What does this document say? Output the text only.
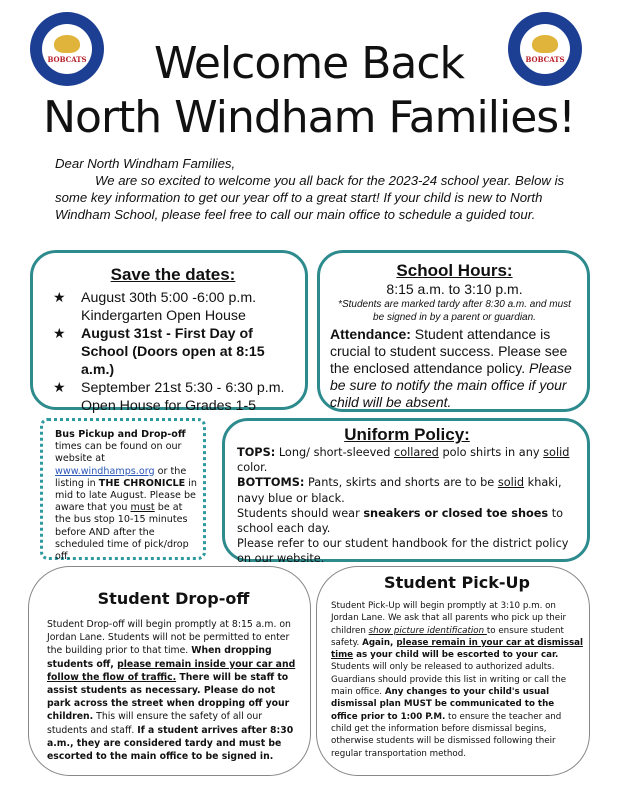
BOBCATS	BOBCATS
Welcome Back
North Windham Families!

Dear North Windham Families,

We are so excited to welcome you all back for the 2023-24 school year. Below is some key information to get our year off to a great start! If your child is new to North Windham School, please feel free to call our main office to schedule a guided tour.

Save the dates:
★	August 30th 5:00 -6:00 p.m. Kindergarten Open House
★	August 31st - First Day of School (Doors open at 8:15 a.m.)
★	September 21st 5:30 - 6:30 p.m. Open House for Grades 1-5
School Hours:
8:15 a.m. to 3:10 p.m.
*Students are marked tardy after 8:30 a.m. and must be signed in by a parent or guardian.
Attendance: Student attendance is crucial to student success. Please see the enclosed attendance policy. Please be sure to notify the main office if your child will be absent.
Bus Pickup and Drop-off times can be found on our website at www.windhamps.org or the listing in THE CHRONICLE in mid to late August. Please be aware that you must be at the bus stop 10-15 minutes before AND after the scheduled time of pick/drop off.
Uniform Policy:
TOPS: Long/ short-sleeved collared polo shirts in any solid color.
BOTTOMS: Pants, skirts and shorts are to be solid khaki, navy blue or black.
Students should wear sneakers or closed toe shoes to school each day.
Please refer to our student handbook for the district policy on our website.
Student Drop-off
Student Drop-off will begin promptly at 8:15 a.m. on Jordan Lane. Students will not be permitted to enter the building prior to that time. When dropping students off, please remain inside your car and follow the flow of traffic. There will be staff to assist students as necessary. Please do not park across the street when dropping off your children. This will ensure the safety of all our students and staff. If a student arrives after 8:30 a.m., they are considered tardy and must be escorted to the main office to be signed in.
Student Pick-Up
Student Pick-Up will begin promptly at 3:10 p.m. on Jordan Lane. We ask that all parents who pick up their children show picture identification to ensure student safety. Again, please remain in your car at dismissal time as your child will be escorted to your car. Students will only be released to authorized adults. Guardians should provide this list in writing or call the main office. Any changes to your child's usual dismissal plan MUST be communicated to the office prior to 1:00 P.M. to ensure the teacher and child get the information before dismissal begins, otherwise students will be dismissed following their regular transportation method.
